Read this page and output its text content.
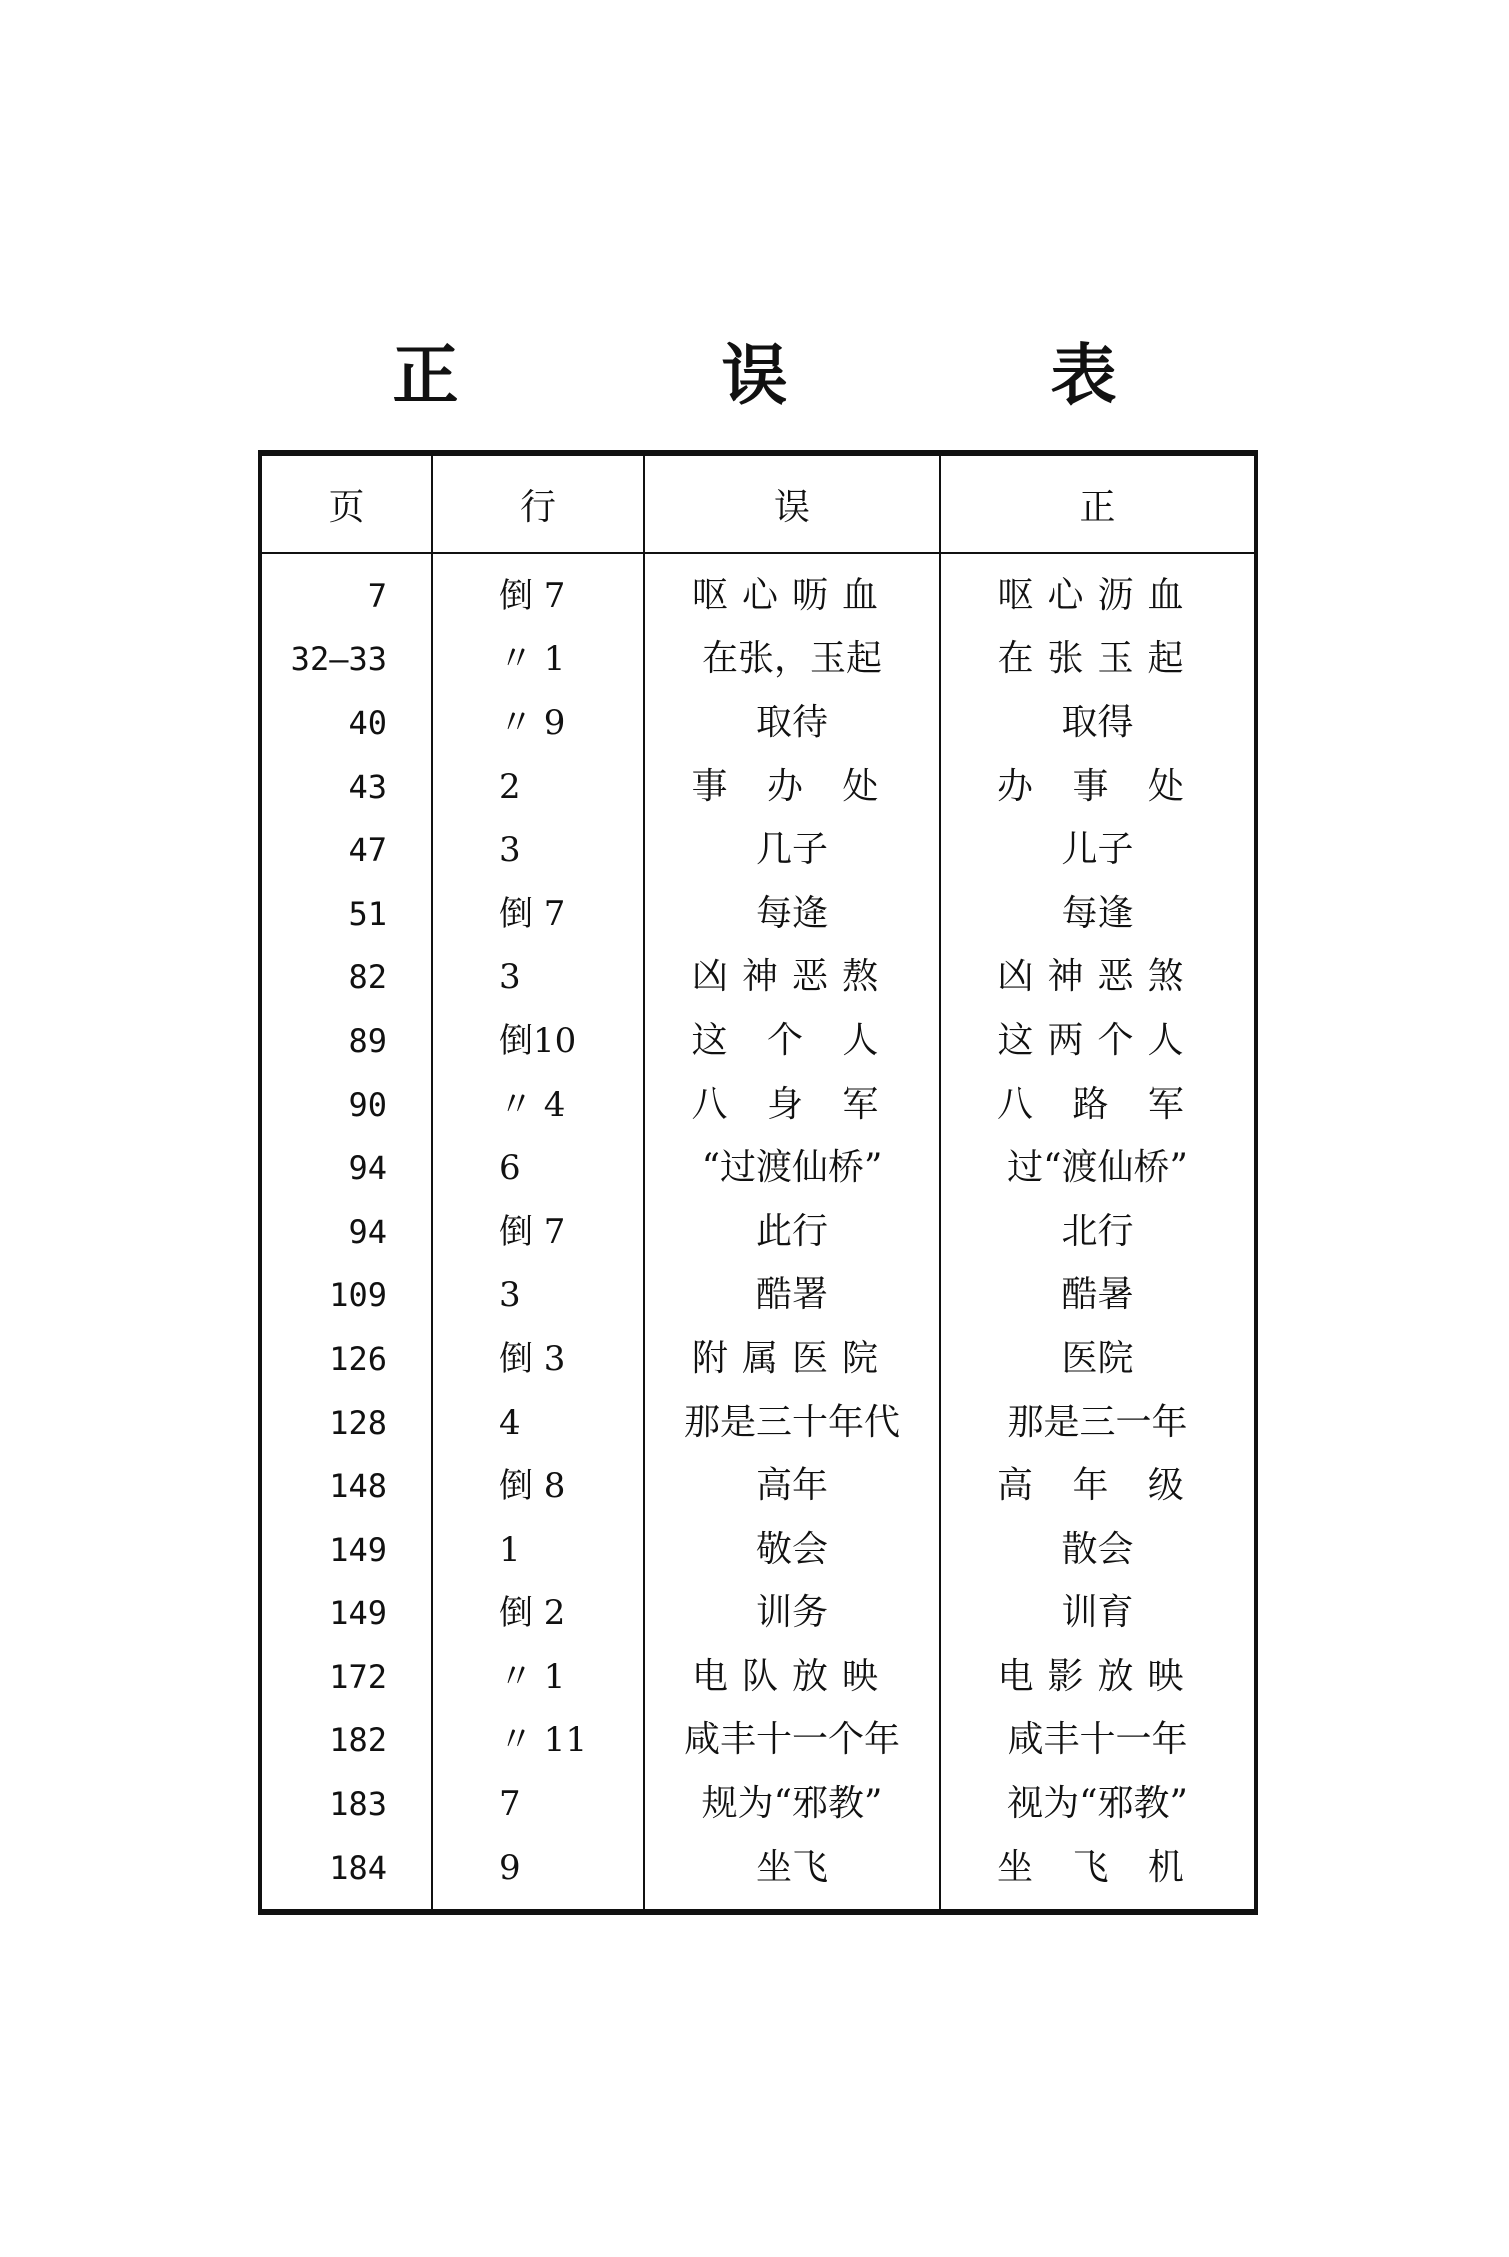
正 误 表
页	行	误	正
7	倒 7	呕心呖血	呕心沥血
32—33	〃 1	在张，玉起	在张玉起
40	〃 9	取待	取得
43	2	事 办 处	办 事 处
47	3	几子	儿子
51	倒 7	每逄	每逢
82	3	凶神恶熬	凶神恶煞
89	倒10	这 个 人	这两个人
90	〃 4	八 身 军	八 路 军
94	6	“过渡仙桥”	过“渡仙桥”
94	倒 7	此行	北行
109	3	酷署	酷暑
126	倒 3	附属医院	医院
128	4	那是三十年代	那是三一年
148	倒 8	高年	高 年 级
149	1	敬会	散会
149	倒 2	训务	训育
172	〃 1	电队放映	电影放映
182	〃 11	咸丰十一个年	咸丰十一年
183	7	规为“邪教”	视为“邪教”
184	9	坐飞	坐 飞 机
